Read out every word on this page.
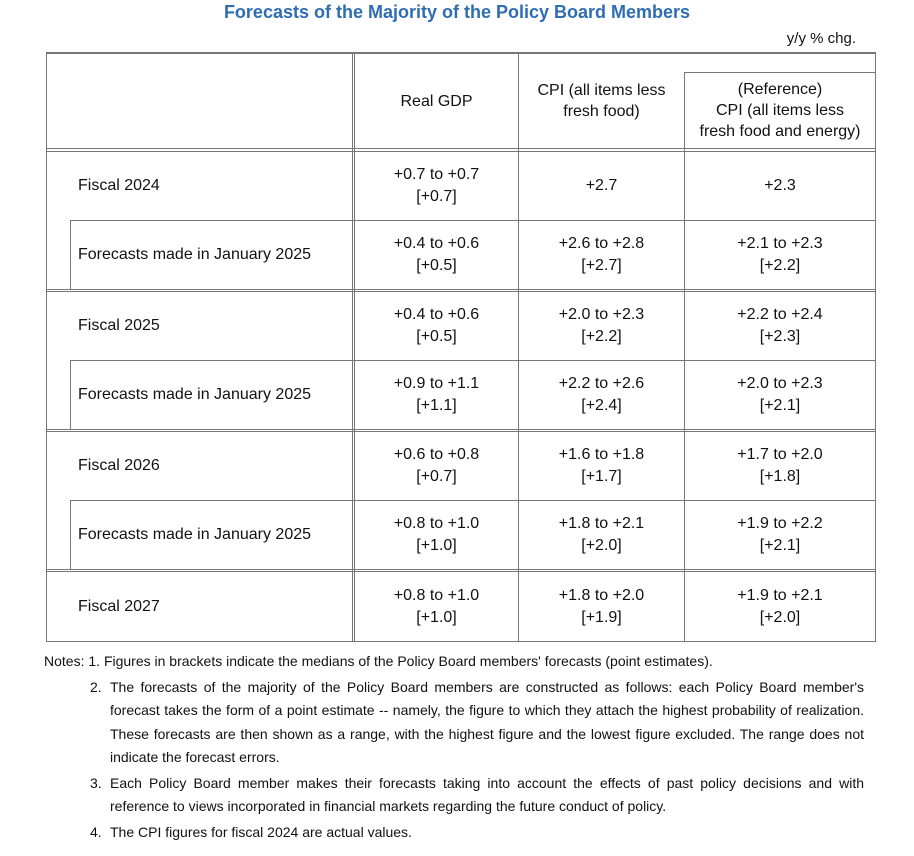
Forecasts of the Majority of the Policy Board Members
y/y % chg.
Real GDP
CPI (all items less
fresh food)
(Reference)
CPI (all items less
fresh food and energy)
Fiscal 2024
+0.7 to +0.7
[+0.7]
+2.7	+2.3
Forecasts made in January 2025
+0.4 to +0.6
[+0.5]
+2.6 to +2.8
[+2.7]
+2.1 to +2.3
[+2.2]
Fiscal 2025
+0.4 to +0.6
[+0.5]
+2.0 to +2.3
[+2.2]
+2.2 to +2.4
[+2.3]
Forecasts made in January 2025
+0.9 to +1.1
[+1.1]
+2.2 to +2.6
[+2.4]
+2.0 to +2.3
[+2.1]
Fiscal 2026
+0.6 to +0.8
[+0.7]
+1.6 to +1.8
[+1.7]
+1.7 to +2.0
[+1.8]
Forecasts made in January 2025
+0.8 to +1.0
[+1.0]
+1.8 to +2.1
[+2.0]
+1.9 to +2.2
[+2.1]
Fiscal 2027
+0.8 to +1.0
[+1.0]
+1.8 to +2.0
[+1.9]
+1.9 to +2.1
[+2.0]
Notes: 1. Figures in brackets indicate the medians of the Policy Board members' forecasts (point estimates).
2. The forecasts of the majority of the Policy Board members are constructed as follows: each Policy Board member's forecast takes the form of a point estimate -- namely, the figure to which they attach the highest probability of realization. These forecasts are then shown as a range, with the highest figure and the lowest figure excluded. The range does not indicate the forecast errors.
3. Each Policy Board member makes their forecasts taking into account the effects of past policy decisions and with reference to views incorporated in financial markets regarding the future conduct of policy.
4. The CPI figures for fiscal 2024 are actual values.
